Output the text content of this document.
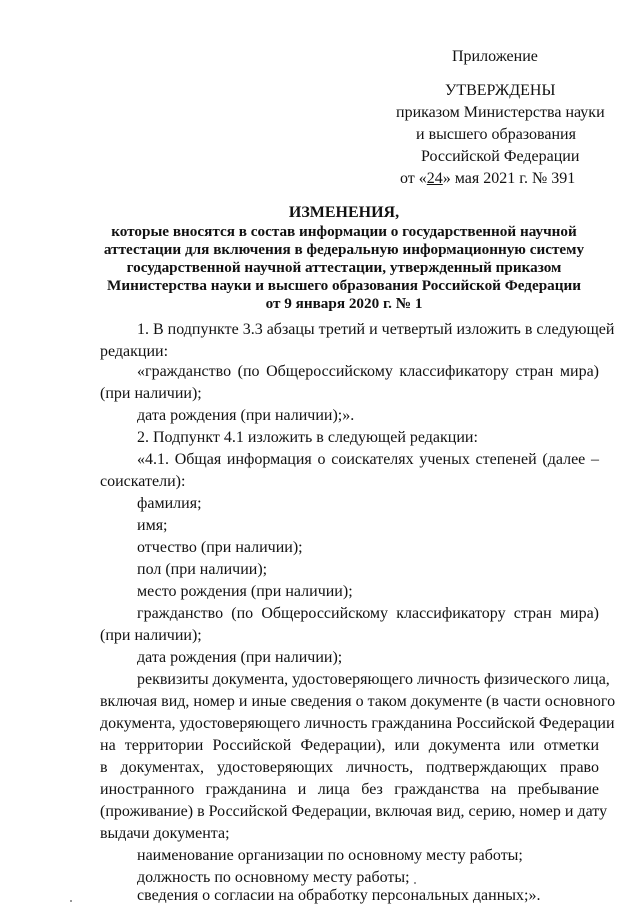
Приложение
УТВЕРЖДЕНЫ
приказом Министерства науки
и высшего образования
Российской Федерации
от «24» мая 2021 г. № 391
ИЗМЕНЕНИЯ,
которые вносятся в состав информации о государственной научной
аттестации для включения в федеральную информационную систему
государственной научной аттестации, утвержденный приказом
Министерства науки и высшего образования Российской Федерации
от 9 января 2020 г. № 1
1. В подпункте 3.3 абзацы третий и четвертый изложить в следующей
редакции:
«гражданство (по Общероссийскому классификатору стран мира)
(при наличии);
дата рождения (при наличии);».
2. Подпункт 4.1 изложить в следующей редакции:
«4.1. Общая информация о соискателях ученых степеней (далее –
соискатели):
фамилия;
имя;
отчество (при наличии);
пол (при наличии);
место рождения (при наличии);
гражданство (по Общероссийскому классификатору стран мира)
(при наличии);
дата рождения (при наличии);
реквизиты документа, удостоверяющего личность физического лица,
включая вид, номер и иные сведения о таком документе (в части основного
документа, удостоверяющего личность гражданина Российской Федерации
на территории Российской Федерации), или документа или отметки
в документах, удостоверяющих личность, подтверждающих право
иностранного гражданина и лица без гражданства на пребывание
(проживание) в Российской Федерации, включая вид, серию, номер и дату
выдачи документа;
наименование организации по основному месту работы;
должность по основному месту работы;
сведения о согласии на обработку персональных данных;».
